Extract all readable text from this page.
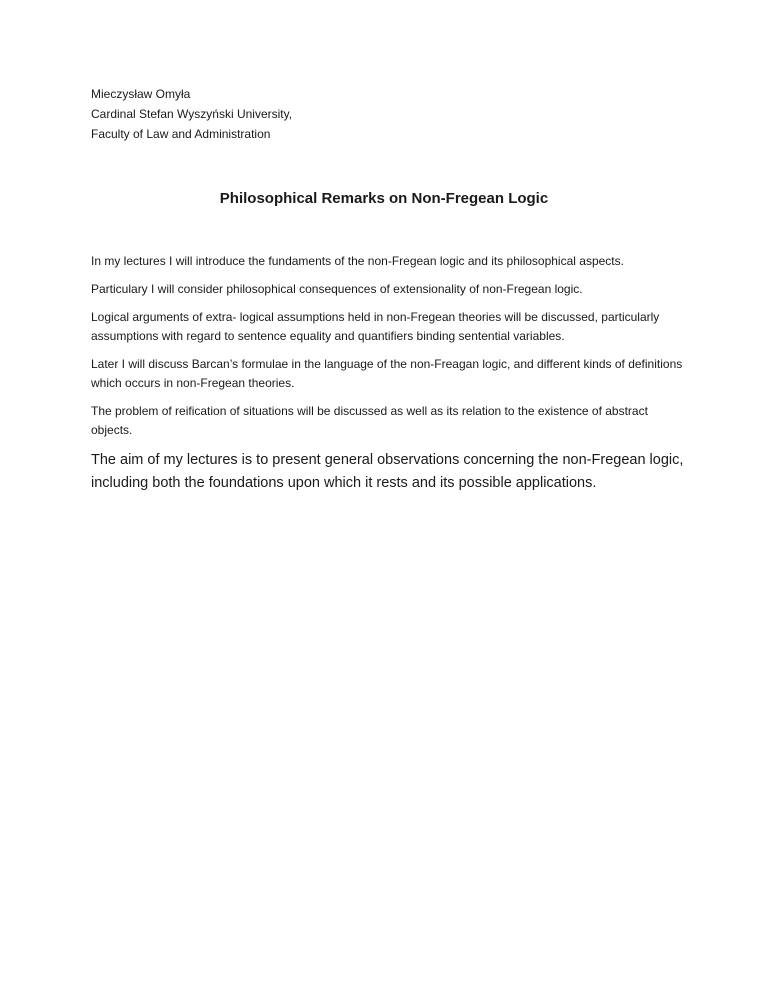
Mieczysław Omyła
Cardinal Stefan Wyszyński University,
Faculty of Law and Administration
Philosophical Remarks on Non-Fregean Logic

In my lectures I will introduce the fundaments of the non-Fregean logic and its philosophical aspects.

Particulary I will consider philosophical consequences of extensionality of non-Fregean logic.

Logical arguments of extra- logical assumptions held in non-Fregean theories will be discussed, particularly assumptions with regard to sentence equality and quantifiers binding sentential variables.

Later I will discuss Barcan’s formulae in the language of the non-Freagan logic, and different kinds of definitions which occurs in non-Fregean theories.

The problem of reification of situations will be discussed as well as its relation to the existence of abstract objects.

The aim of my lectures is to present general observations concerning the non-Fregean logic, including both the foundations upon which it rests and its possible applications.
